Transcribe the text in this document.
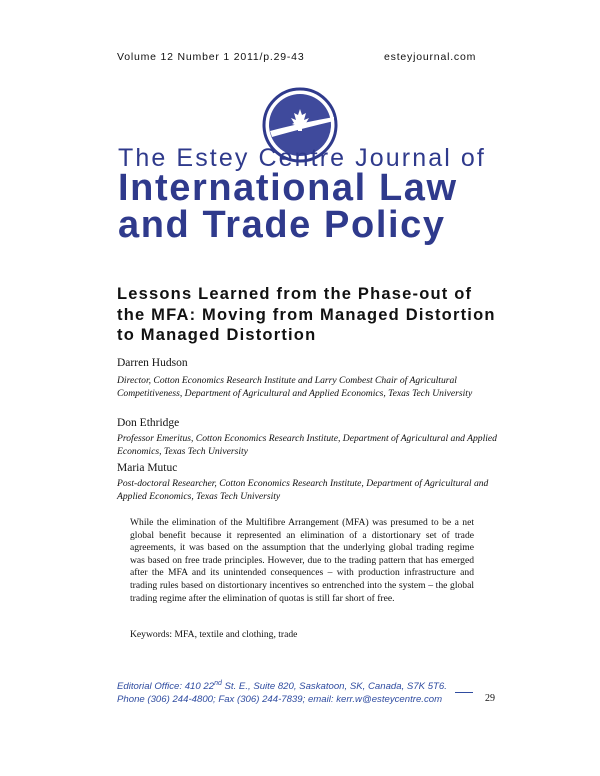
Volume 12 Number 1 2011/p.29-43	esteyjournal.com
The Estey Centre Journal of
International Law
and Trade Policy
Lessons Learned from the Phase-out of the MFA: Moving from Managed Distortion to Managed Distortion
Darren Hudson
Director, Cotton Economics Research Institute and Larry Combest Chair of Agricultural Competitiveness, Department of Agricultural and Applied Economics, Texas Tech University
Don Ethridge
Professor Emeritus, Cotton Economics Research Institute, Department of Agricultural and Applied Economics, Texas Tech University
Maria Mutuc
Post-doctoral Researcher, Cotton Economics Research Institute, Department of Agricultural and Applied Economics, Texas Tech University
While the elimination of the Multifibre Arrangement (MFA) was presumed to be a net global benefit because it represented an elimination of a distortionary set of trade agreements, it was based on the assumption that the underlying global trading regime was based on free trade principles. However, due to the trading pattern that has emerged after the MFA and its unintended consequences – with production infrastructure and trading rules based on distortionary incentives so entrenched into the system – the global trading regime after the elimination of quotas is still far short of free.
Keywords: MFA, textile and clothing, trade
Editorial Office: 410 22nd St. E., Suite 820, Saskatoon, SK, Canada, S7K 5T6.
Phone (306) 244-4800; Fax (306) 244-7839; email: kerr.w@esteycentre.com	29
